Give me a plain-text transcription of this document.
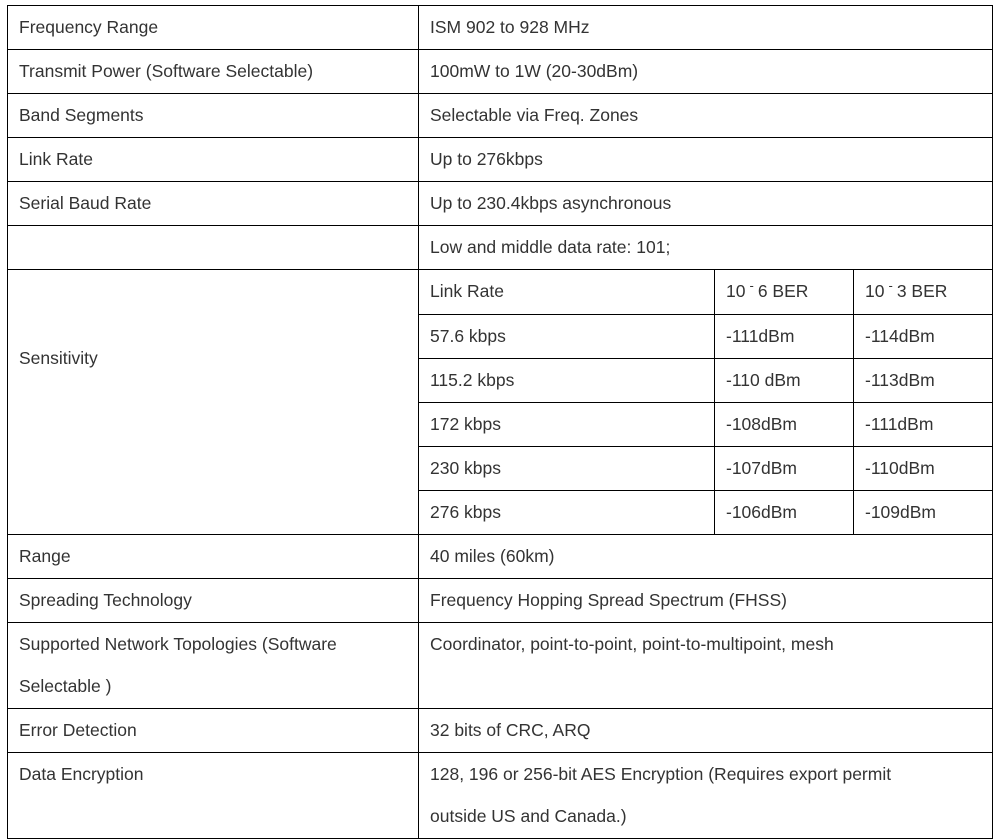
Frequency Range	ISM 902 to 928 MHz		
Transmit Power (Software Selectable)	100mW to 1W (20-30dBm)		
Band Segments	Selectable via Freq. Zones		
Link Rate	Up to 276kbps		
Serial Baud Rate	Up to 230.4kbps asynchronous		
	Low and middle data rate: 101;		
Sensitivity	Link Rate	10 - 6 BER	10 - 3 BER
	57.6 kbps	-111dBm	-114dBm
	115.2 kbps	-110 dBm	-113dBm
	172 kbps	-108dBm	-111dBm
	230 kbps	-107dBm	-110dBm
	276 kbps	-106dBm	-109dBm
Range	40 miles (60km)		
Spreading Technology	Frequency Hopping Spread Spectrum (FHSS)		
Supported Network Topologies (Software Selectable )	Coordinator, point-to-point, point-to-multipoint, mesh		
Error Detection	32 bits of CRC, ARQ		
Data Encryption	128, 196 or 256-bit AES Encryption (Requires export permit outside US and Canada.)		
